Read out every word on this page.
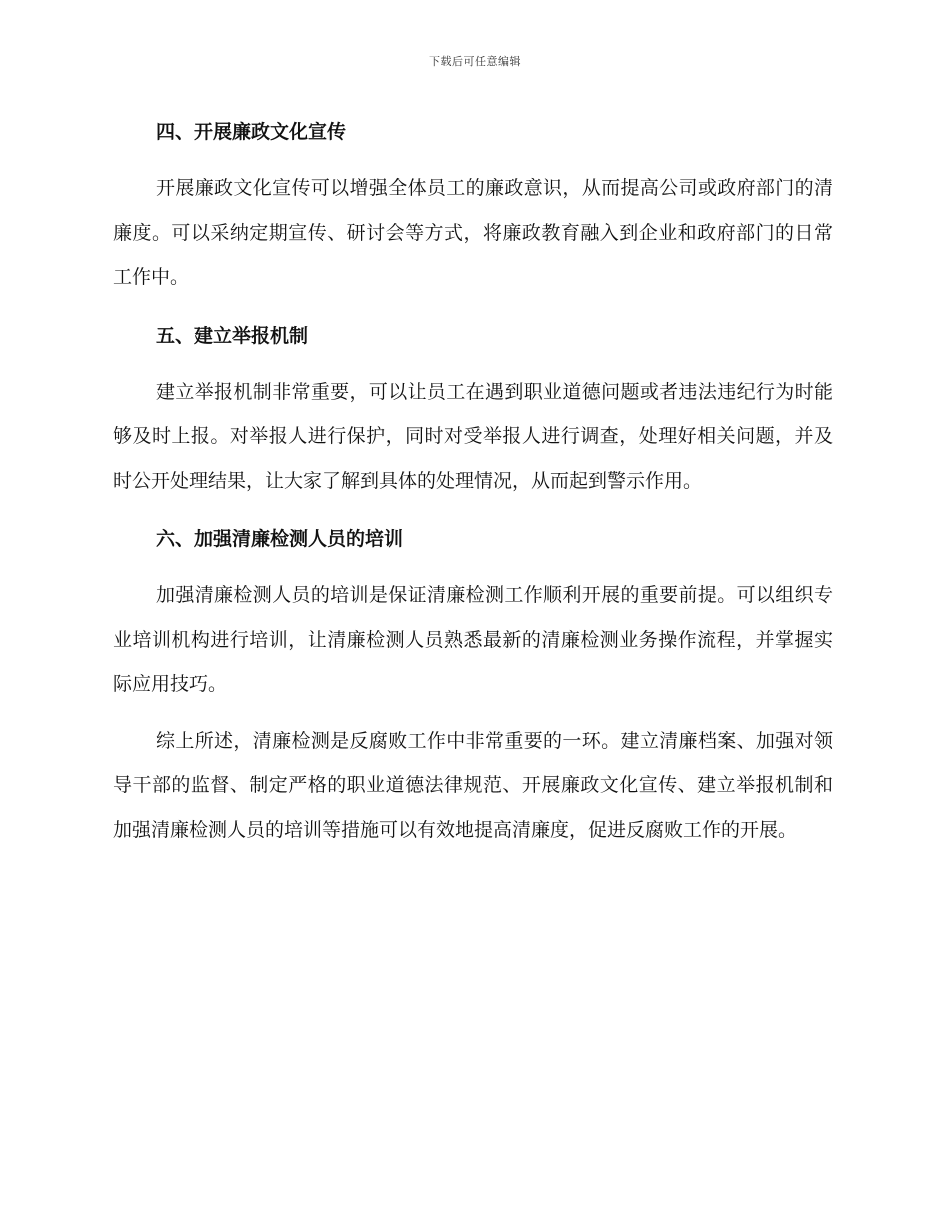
下载后可任意编辑
四、开展廉政文化宣传

开展廉政文化宣传可以增强全体员工的廉政意识，从而提高公司或政府部门的清廉度。可以采纳定期宣传、研讨会等方式，将廉政教育融入到企业和政府部门的日常工作中。

五、建立举报机制

建立举报机制非常重要，可以让员工在遇到职业道德问题或者违法违纪行为时能够及时上报。对举报人进行保护，同时对受举报人进行调查，处理好相关问题，并及时公开处理结果，让大家了解到具体的处理情况，从而起到警示作用。

六、加强清廉检测人员的培训

加强清廉检测人员的培训是保证清廉检测工作顺利开展的重要前提。可以组织专业培训机构进行培训，让清廉检测人员熟悉最新的清廉检测业务操作流程，并掌握实际应用技巧。

综上所述，清廉检测是反腐败工作中非常重要的一环。建立清廉档案、加强对领导干部的监督、制定严格的职业道德法律规范、开展廉政文化宣传、建立举报机制和加强清廉检测人员的培训等措施可以有效地提高清廉度，促进反腐败工作的开展。
